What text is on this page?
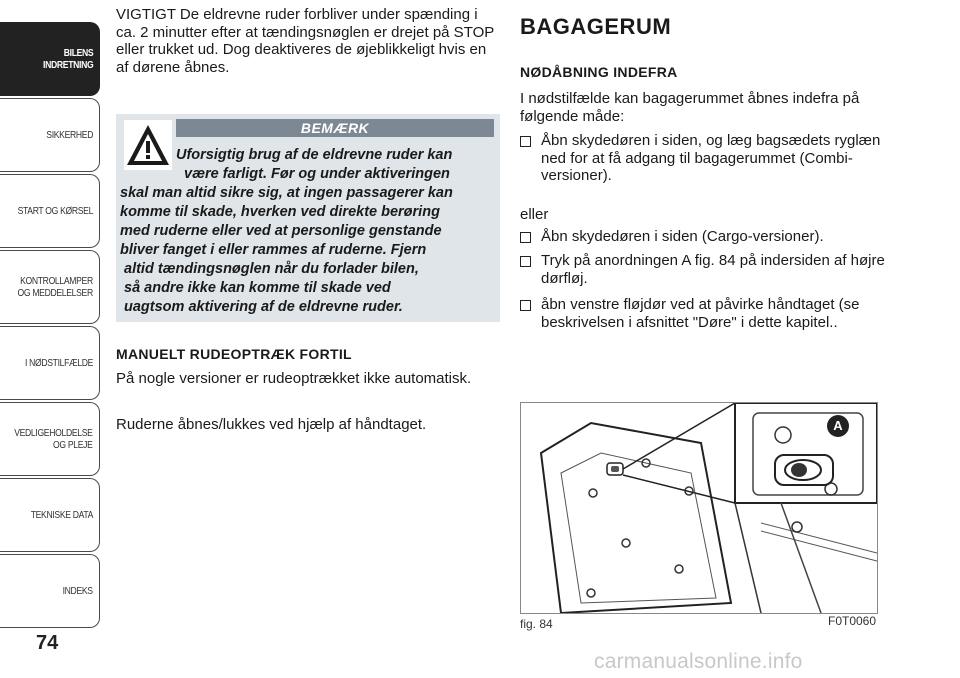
BILENS
INDRETNING
SIKKERHED
START OG KØRSEL
KONTROLLAMPER
OG MEDDELELSER
I NØDSTILFÆLDE
VEDLIGEHOLDELSE
OG PLEJE
TEKNISKE DATA
INDEKS
74

VIGTIGT De eldrevne ruder forbliver under spænding i ca. 2 minutter efter at tændingsnøglen er drejet på STOP eller trukket ud. Dog deaktiveres de øjeblikkeligt hvis en af dørene åbnes.

BEMÆRK
Uforsigtig brug af de eldrevne ruder kan
være farligt. Før og under aktiveringen
skal man altid sikre sig, at ingen passagerer kan
komme til skade, hverken ved direkte berøring
med ruderne eller ved at personlige genstande
bliver fanget i eller rammes af ruderne. Fjern
altid tændingsnøglen når du forlader bilen,
så andre ikke kan komme til skade ved
uagtsom aktivering af de eldrevne ruder.
MANUELT RUDEOPTRÆK FORTIL

På nogle versioner er rudeoptrækket ikke automatisk.

Ruderne åbnes/lukkes ved hjælp af håndtaget.

BAGAGERUM
NØDÅBNING INDEFRA

I nødstilfælde kan bagagerummet åbnes indefra på følgende måde:

Åbn skydedøren i siden, og læg bagsædets ryglæn ned for at få adgang til bagagerummet (Combi-versioner).

eller

Åbn skydedøren i siden (Cargo-versioner).
Tryk på anordningen A fig. 84 på indersiden af højre dørfløj.
åbn venstre fløjdør ved at påvirke håndtaget (se beskrivelsen i afsnittet "Døre" i dette kapitel..
A
fig. 84	F0T0060
carmanualsonline.info
